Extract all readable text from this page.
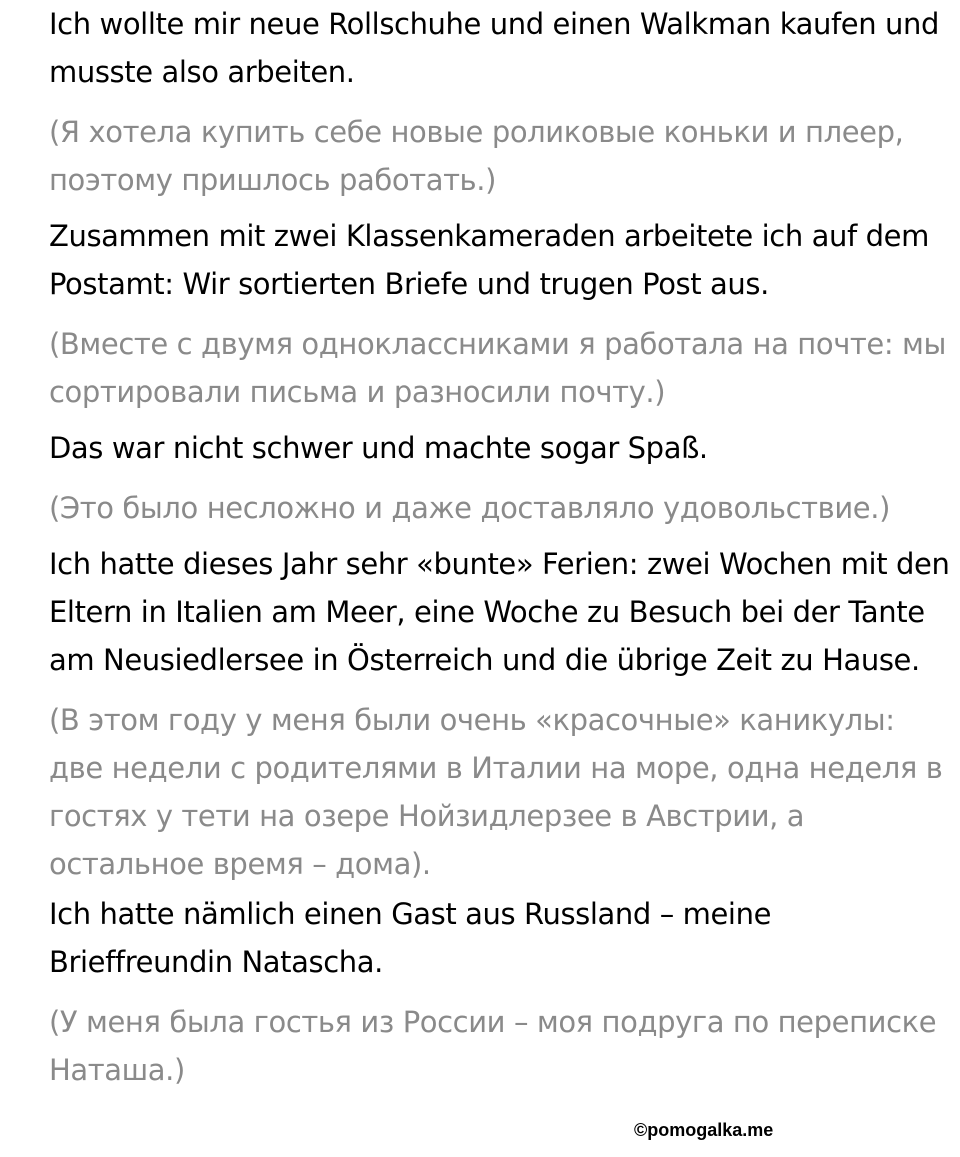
Ich wollte mir neue Rollschuhe und einen Walkman kaufen und musste also arbeiten.

(Я хотела купить себе новые роликовые коньки и плеер, поэтому пришлось работать.)

Zusammen mit zwei Klassenkameraden arbeitete ich auf dem Postamt: Wir sortierten Briefe und trugen Post aus.

(Вместе с двумя одноклассниками я работала на почте: мы сортировали письма и разносили почту.)

Das war nicht schwer und machte sogar Spaß.

(Это было несложно и даже доставляло удовольствие.)

Ich hatte dieses Jahr sehr «bunte» Ferien: zwei Wochen mit den Eltern in Italien am Meer, eine Woche zu Besuch bei der Tante am Neusiedlersee in Österreich und die übrige Zeit zu Hause.

(В этом году у меня были очень «красочные» каникулы: две недели с родителями в Италии на море, одна неделя в гостях у тети на озере Нойзидлерзее в Австрии, а остальное время – дома).

Ich hatte nämlich einen Gast aus Russland – meine Brieffreundin Natascha.

(У меня была гостья из России – моя подруга по переписке Наташа.)

©pomogalka.me
